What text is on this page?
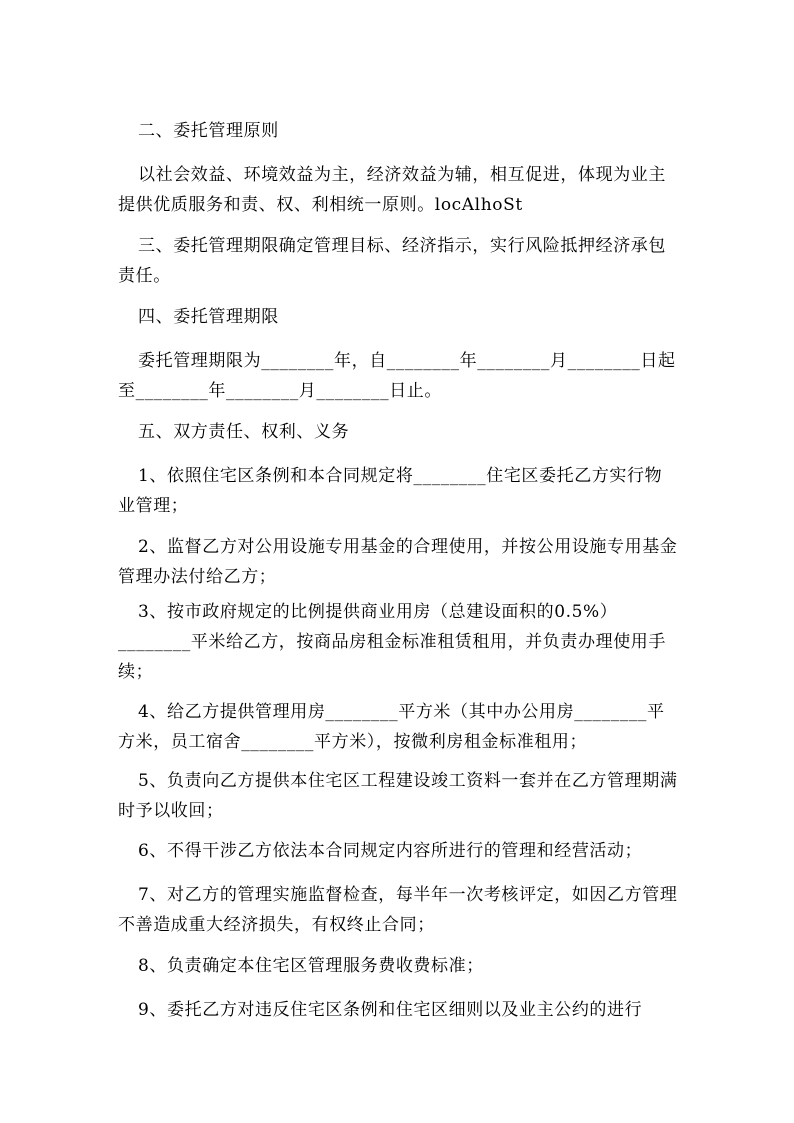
二、委托管理原则

以社会效益、环境效益为主，经济效益为辅，相互促进，体现为业主提供优质服务和责、权、利相统一原则。locAlhoSt

三、委托管理期限确定管理目标、经济指示，实行风险抵押经济承包责任。

四、委托管理期限

委托管理期限为________年，自________年________月________日起至________年________月________日止。

五、双方责任、权利、义务

1、依照住宅区条例和本合同规定将________住宅区委托乙方实行物业管理；

2、监督乙方对公用设施专用基金的合理使用，并按公用设施专用基金管理办法付给乙方；

3、按市政府规定的比例提供商业用房（总建设面积的0.5%）________平米给乙方，按商品房租金标准租赁租用，并负责办理使用手续；

4、给乙方提供管理用房________平方米（其中办公用房________平方米，员工宿舍________平方米），按微利房租金标准租用；

5、负责向乙方提供本住宅区工程建设竣工资料一套并在乙方管理期满时予以收回；

6、不得干涉乙方依法本合同规定内容所进行的管理和经营活动；

7、对乙方的管理实施监督检查，每半年一次考核评定，如因乙方管理不善造成重大经济损失，有权终止合同；

8、负责确定本住宅区管理服务费收费标准；

9、委托乙方对违反住宅区条例和住宅区细则以及业主公约的进行
